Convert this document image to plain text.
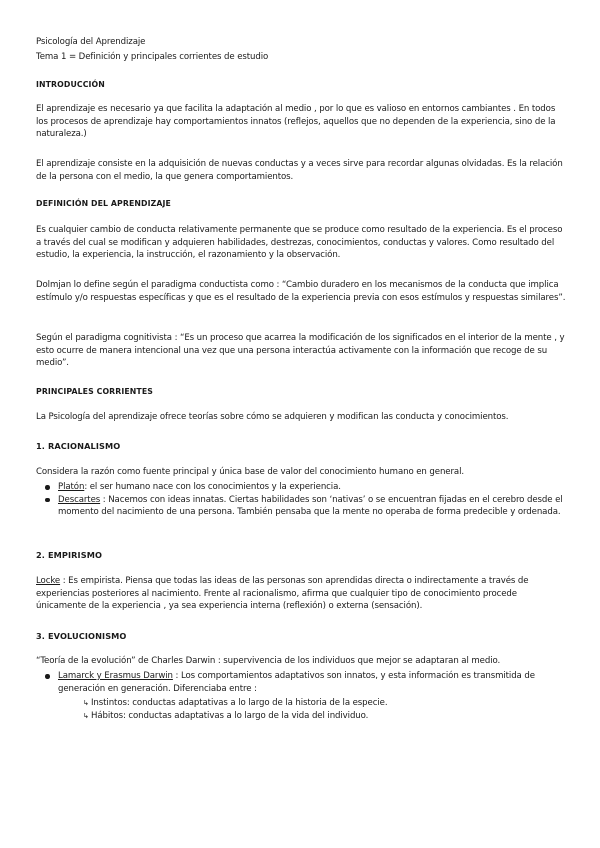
Psicología del Aprendizaje

Tema 1 = Definición y principales corrientes de estudio

INTRODUCCIÓN

El aprendizaje es necesario ya que facilita la adaptación al medio , por lo que es valioso en entornos cambiantes . En todos los procesos de aprendizaje hay comportamientos innatos (reflejos, aquellos que no dependen de la experiencia, sino de la naturaleza.)

El aprendizaje consiste en la adquisición de nuevas conductas y a veces sirve para recordar algunas olvidadas. Es la relación de la persona con el medio, la que genera comportamientos.

DEFINICIÓN DEL APRENDIZAJE

Es cualquier cambio de conducta relativamente permanente que se produce como resultado de la experiencia. Es el proceso a través del cual se modifican y adquieren habilidades, destrezas, conocimientos, conductas y valores. Como resultado del estudio, la experiencia, la instrucción, el razonamiento y la observación.

Dolmjan lo define según el paradigma conductista como : “Cambio duradero en los mecanismos de la conducta que implica estímulo y/o respuestas específicas y que es el resultado de la experiencia previa con esos estímulos y respuestas similares”.

Según el paradigma cognitivista : “Es un proceso que acarrea la modificación de los significados en el interior de la mente , y esto ocurre de manera intencional una vez que una persona interactúa activamente con la información que recoge de su medio”.

PRINCIPALES CORRIENTES

La Psicología del aprendizaje ofrece teorías sobre cómo se adquieren y modifican las conducta y conocimientos.

1. RACIONALISMO

Considera la razón como fuente principal y única base de valor del conocimiento humano en general.

Platón: el ser humano nace con los conocimientos y la experiencia.
Descartes : Nacemos con ideas innatas. Ciertas habilidades son ‘nativas’ o se encuentran fijadas en el cerebro desde el momento del nacimiento de una persona. También pensaba que la mente no operaba de forma predecible y ordenada.

2. EMPIRISMO

Locke : Es empirista. Piensa que todas las ideas de las personas son aprendidas directa o indirectamente a través de experiencias posteriores al nacimiento. Frente al racionalismo, afirma que cualquier tipo de conocimiento procede únicamente de la experiencia , ya sea experiencia interna (reflexión) o externa (sensación).

3. EVOLUCIONISMO

“Teoría de la evolución” de Charles Darwin : supervivencia de los individuos que mejor se adaptaran al medio.

Lamarck y Erasmus Darwin : Los comportamientos adaptativos son innatos, y esta información es transmitida de generación en generación. Diferenciaba entre :
↳ Instintos: conductas adaptativas a lo largo de la historia de la especie.
↳ Hábitos: conductas adaptativas a lo largo de la vida del individuo.
